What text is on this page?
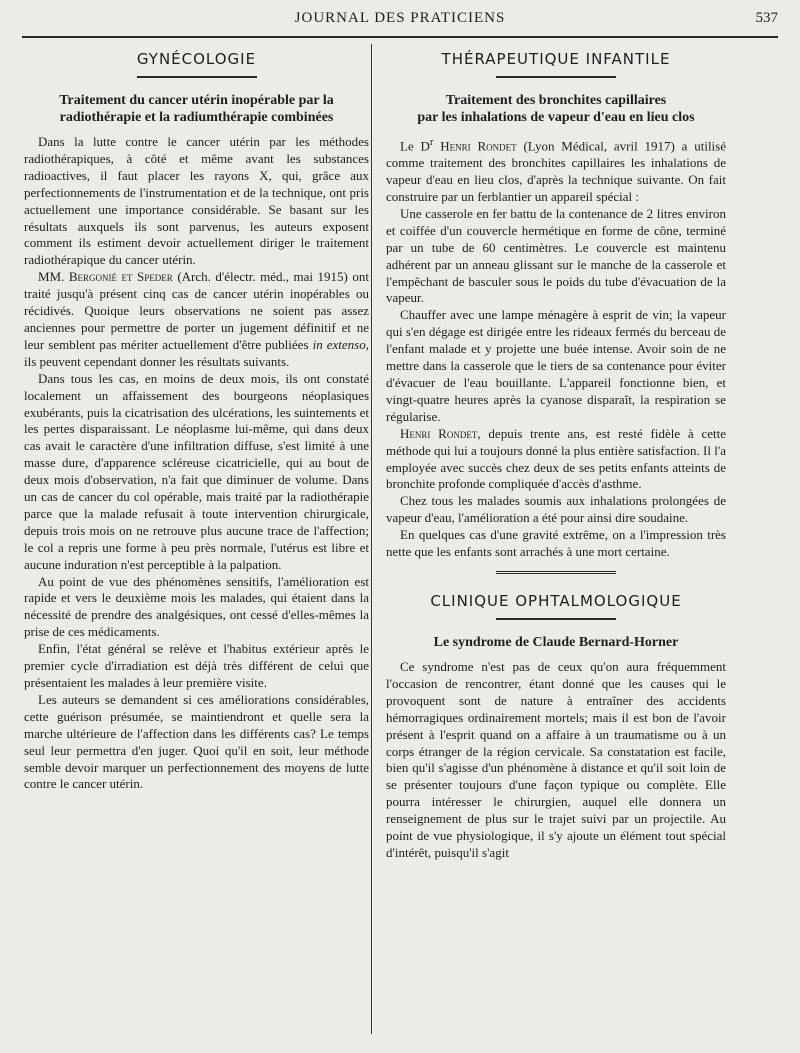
JOURNAL DES PRATICIENS	537
GYNÉCOLOGIE
Traitement du cancer utérin inopérable par la
radiothérapie et la radiumthérapie combinées

Dans la lutte contre le cancer utérin par les méthodes radiothérapiques, à côté et même avant les substances radioactives, il faut placer les rayons X, qui, grâce aux perfectionnements de l'instrumentation et de la technique, ont pris actuellement une importance considérable. Se basant sur les résultats auxquels ils sont parvenus, les auteurs exposent comment ils estiment devoir actuellement diriger le traitement radiothérapique du cancer utérin.

MM. Bergonié et Speder (Arch. d'électr. méd., mai 1915) ont traité jusqu'à présent cinq cas de cancer utérin inopérables ou récidivés. Quoique leurs observations ne soient pas assez anciennes pour permettre de porter un jugement définitif et ne leur semblent pas mériter actuellement d'être publiées in extenso, ils peuvent cependant donner les résultats suivants.

Dans tous les cas, en moins de deux mois, ils ont constaté localement un affaissement des bourgeons néoplasiques exubérants, puis la cicatrisation des ulcérations, les suintements et les pertes disparaissant. Le néoplasme lui-même, qui dans deux cas avait le caractère d'une infiltration diffuse, s'est limité à une masse dure, d'apparence scléreuse cicatricielle, qui au bout de deux mois d'observation, n'a fait que diminuer de volume. Dans un cas de cancer du col opérable, mais traité par la radiothérapie parce que la malade refusait à toute intervention chirurgicale, depuis trois mois on ne retrouve plus aucune trace de l'affection; le col a repris une forme à peu près normale, l'utérus est libre et aucune induration n'est perceptible à la palpation.

Au point de vue des phénomènes sensitifs, l'amélioration est rapide et vers le deuxième mois les malades, qui étaient dans la nécessité de prendre des analgésiques, ont cessé d'elles-mêmes la prise de ces médicaments.

Enfin, l'état général se relève et l'habitus extérieur après le premier cycle d'irradiation est déjà très différent de celui que présentaient les malades à leur première visite.

Les auteurs se demandent si ces améliorations considérables, cette guérison présumée, se maintiendront et quelle sera la marche ultérieure de l'affection dans les différents cas? Le temps seul leur permettra d'en juger. Quoi qu'il en soit, leur méthode semble devoir marquer un perfectionnement des moyens de lutte contre le cancer utérin.

THÉRAPEUTIQUE INFANTILE
Traitement des bronchites capillaires
par les inhalations de vapeur d'eau en lieu clos

Le $D^r$ Henri Rondet (Lyon Médical, avril 1917) a utilisé comme traitement des bronchites capillaires les inhalations de vapeur d'eau en lieu clos, d'après la technique suivante. On fait construire par un ferblantier un appareil spécial :

Une casserole en fer battu de la contenance de 2 litres environ et coiffée d'un couvercle hermétique en forme de cône, terminé par un tube de 60 centimètres. Le couvercle est maintenu adhérent par un anneau glissant sur le manche de la casserole et l'empêchant de basculer sous le poids du tube d'évacuation de la vapeur.

Chauffer avec une lampe ménagère à esprit de vin; la vapeur qui s'en dégage est dirigée entre les rideaux fermés du berceau de l'enfant malade et y projette une buée intense. Avoir soin de ne mettre dans la casserole que le tiers de sa contenance pour éviter d'évacuer de l'eau bouillante. L'appareil fonctionne bien, et vingt-quatre heures après la cyanose disparaît, la respiration se régularise.

Henri Rondet, depuis trente ans, est resté fidèle à cette méthode qui lui a toujours donné la plus entière satisfaction. Il l'a employée avec succès chez deux de ses petits enfants atteints de bronchite profonde compliquée d'accès d'asthme.

Chez tous les malades soumis aux inhalations prolongées de vapeur d'eau, l'amélioration a été pour ainsi dire soudaine.

En quelques cas d'une gravité extrême, on a l'impression très nette que les enfants sont arrachés à une mort certaine.

CLINIQUE OPHTALMOLOGIQUE
Le syndrome de Claude Bernard-Horner

Ce syndrome n'est pas de ceux qu'on aura fréquemment l'occasion de rencontrer, étant donné que les causes qui le provoquent sont de nature à entraîner des accidents hémorragiques ordinairement mortels; mais il est bon de l'avoir présent à l'esprit quand on a affaire à un traumatisme ou à un corps étranger de la région cervicale. Sa constatation est facile, bien qu'il s'agisse d'un phénomène à distance et qu'il soit loin de se présenter toujours d'une façon typique ou complète. Elle pourra intéresser le chirurgien, auquel elle donnera un renseignement de plus sur le trajet suivi par un projectile. Au point de vue physiologique, il s'y ajoute un élément tout spécial d'intérêt, puisqu'il s'agit
